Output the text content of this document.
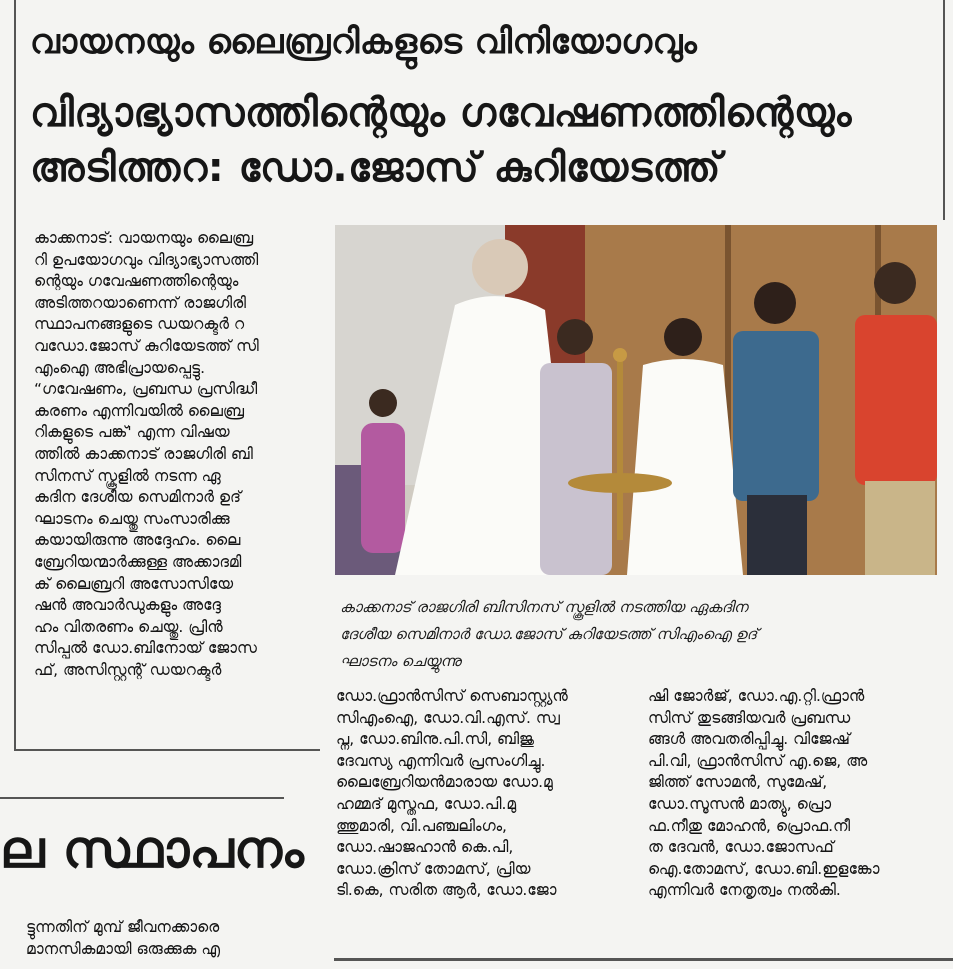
വായനയും ലൈബ്രറികളുടെ വിനിയോഗവും
വിദ്യാഭ്യാസത്തിന്റെയും ഗവേഷണത്തിന്റെയും
അടിത്തറ: ഡോ.ജോസ് കുറിയേടത്ത്

കാക്കനാട്: വായനയും ലൈബ്ര

റി ഉപയോഗവും വിദ്യാഭ്യാസത്തി

ന്റെയും ഗവേഷണത്തിന്റെയും

അടിത്തറയാണെന്ന് രാജഗിരി

സ്ഥാപനങ്ങളുടെ ഡയറക്ടർ റ

വഡോ.ജോസ് കുറിയേടത്ത് സി

എംഐ അഭിപ്രായപ്പെട്ടു.

“ഗവേഷണം, പ്രബന്ധ പ്രസിദ്ധീ

കരണം എന്നിവയിൽ ലൈബ്ര

റികളുടെ പങ്ക്' എന്ന വിഷയ

ത്തിൽ കാക്കനാട് രാജഗിരി ബി

സിനസ് സ്കൂളിൽ നടന്ന ഏ

കദിന ദേശീയ സെമിനാർ ഉദ്

ഘാടനം ചെയ്തു സംസാരിക്കു

കയായിരുന്നു അദ്ദേഹം. ലൈ

ബ്രേറിയന്മാർക്കുള്ള അക്കാദമി

ക് ലൈബ്രറി അസോസിയേ

ഷൻ അവാർഡുകളും അദ്ദേ

ഹം വിതരണം ചെയ്തു. പ്രിൻ

സിപ്പൽ ഡോ.ബിനോയ് ജോസ

ഫ്, അസിസ്റ്റന്റ് ഡയറക്ടർ

കാക്കനാട് രാജഗിരി ബിസിനസ് സ്കൂളിൽ നടത്തിയ ഏകദിന
ദേശീയ സെമിനാർ ഡോ.ജോസ് കുറിയേടത്ത് സിഎംഐ ഉദ്
ഘാടനം ചെയ്യുന്നു

ഡോ.ഫ്രാൻസിസ് സെബാസ്റ്റ്യൻ

സിഎംഐ, ഡോ.വി.എസ്. സ്വ

പ്ന, ഡോ.ബിനു.പി.സി, ബിജു

ദേവസ്യ എന്നിവർ പ്രസംഗിച്ചു.

ലൈബ്രേറിയൻമാരായ ഡോ.മു

ഹമ്മദ് മുസ്തഫ, ഡോ.പി.മു

ത്തുമാരി, വി.പഞ്ചലിംഗം,

ഡോ.ഷാജഹാൻ കെ.പി,

ഡോ.ക്രിസ് തോമസ്, പ്രിയ

ടി.കെ, സരിത ആർ, ഡോ.ജോ

ഷി ജോർജ്, ഡോ.എ.റ്റി.ഫ്രാൻ

സിസ് തുടങ്ങിയവർ പ്രബന്ധ

ങ്ങൾ അവതരിപ്പിച്ചു. വിജേഷ്

പി.വി, ഫ്രാൻസിസ് എ.ജെ, അ

ജിത്ത് സോമൻ, സുമേഷ്,

ഡോ.സൂസൻ മാത്യു, പ്രൊ

ഫ.നീതു മോഹൻ, പ്രൊഫ.നീ

ത ദേവൻ, ഡോ.ജോസഫ്

ഐ.തോമസ്, ഡോ.ബി.ഇളങ്കോ

എന്നിവർ നേതൃത്വം നൽകി.

ല സ്ഥാപനം

ട്ടുന്നതിന് മുമ്പ് ജീവനക്കാരെ

മാനസികമായി ഒരുക്കുക എ
